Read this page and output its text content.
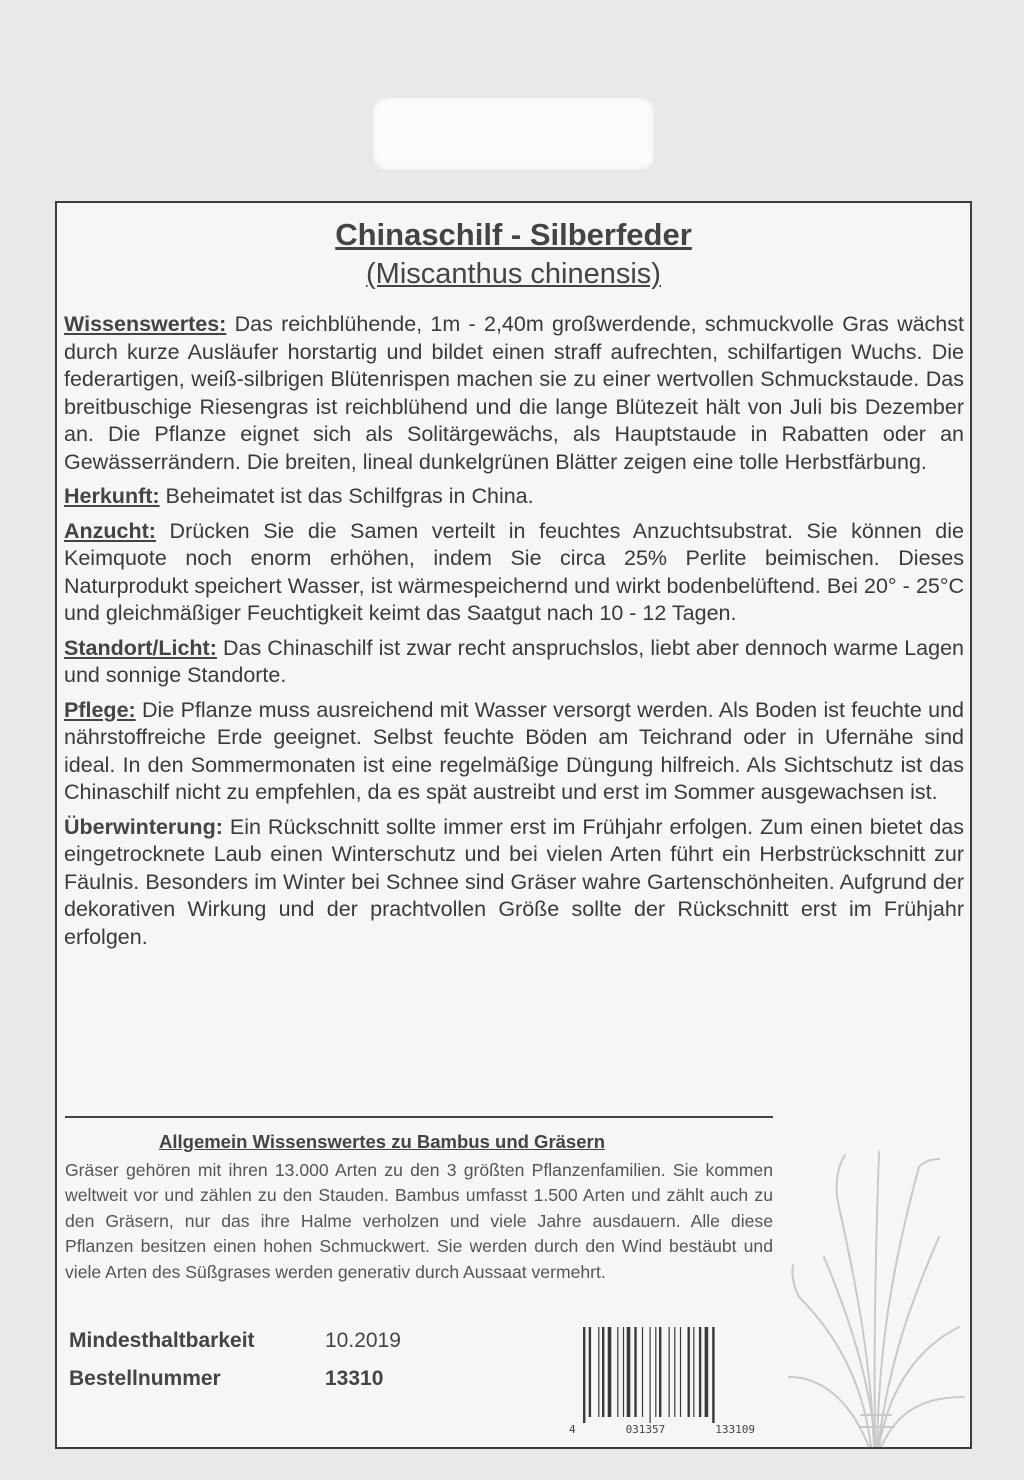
Chinaschilf - Silberfeder
(Miscanthus chinensis)

Wissenswertes: Das reichblühende, 1m - 2,40m großwerdende, schmuckvolle Gras wächst durch kurze Ausläufer horstartig und bildet einen straff aufrechten, schilfartigen Wuchs. Die federartigen, weiß-silbrigen Blütenrispen machen sie zu einer wertvollen Schmuckstaude. Das breitbuschige Riesengras ist reichblühend und die lange Blütezeit hält von Juli bis Dezember an. Die Pflanze eignet sich als Solitärgewächs, als Hauptstaude in Rabatten oder an Gewässerrändern. Die breiten, lineal dunkelgrünen Blätter zeigen eine tolle Herbstfärbung.

Herkunft: Beheimatet ist das Schilfgras in China.

Anzucht: Drücken Sie die Samen verteilt in feuchtes Anzuchtsubstrat. Sie können die Keimquote noch enorm erhöhen, indem Sie circa 25% Perlite beimischen. Dieses Naturprodukt speichert Wasser, ist wärmespeichernd und wirkt bodenbelüftend. Bei 20° - 25°C und gleichmäßiger Feuchtigkeit keimt das Saatgut nach 10 - 12 Tagen.

Standort/Licht: Das Chinaschilf ist zwar recht anspruchslos, liebt aber dennoch warme Lagen und sonnige Standorte.

Pflege: Die Pflanze muss ausreichend mit Wasser versorgt werden. Als Boden ist feuchte und nährstoffreiche Erde geeignet. Selbst feuchte Böden am Teichrand oder in Ufernähe sind ideal. In den Sommermonaten ist eine regelmäßige Düngung hilfreich. Als Sichtschutz ist das Chinaschilf nicht zu empfehlen, da es spät austreibt und erst im Sommer ausgewachsen ist.

Überwinterung: Ein Rückschnitt sollte immer erst im Frühjahr erfolgen. Zum einen bietet das eingetrocknete Laub einen Winterschutz und bei vielen Arten führt ein Herbstrückschnitt zur Fäulnis. Besonders im Winter bei Schnee sind Gräser wahre Gartenschönheiten. Aufgrund der dekorativen Wirkung und der prachtvollen Größe sollte der Rückschnitt erst im Frühjahr erfolgen.

Allgemein Wissenswertes zu Bambus und Gräsern
Gräser gehören mit ihren 13.000 Arten zu den 3 größten Pflanzenfamilien. Sie kommen weltweit vor und zählen zu den Stauden. Bambus umfasst 1.500 Arten und zählt auch zu den Gräsern, nur das ihre Halme verholzen und viele Jahre ausdauern. Alle diese Pflanzen besitzen einen hohen Schmuckwert. Sie werden durch den Wind bestäubt und viele Arten des Süßgrases werden generativ durch Aussaat vermehrt.
Mindesthaltbarkeit	10.2019
Bestellnummer	13310
4	031357	133109
